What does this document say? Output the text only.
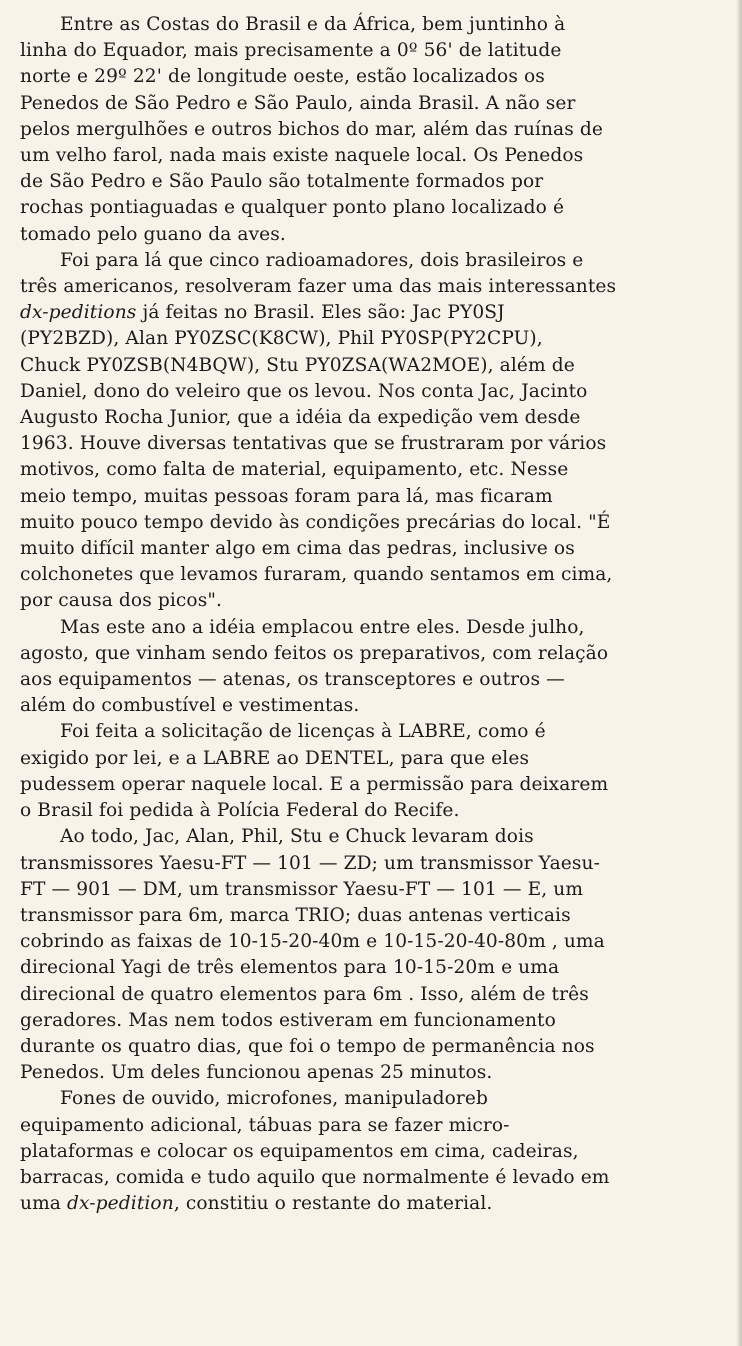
Entre as Costas do Brasil e da África, bem juntinho à
linha do Equador, mais precisamente a 0º 56' de latitude
norte e 29º 22' de longitude oeste, estão localizados os
Penedos de São Pedro e São Paulo, ainda Brasil. A não ser
pelos mergulhões e outros bichos do mar, além das ruínas de
um velho farol, nada mais existe naquele local. Os Penedos
de São Pedro e São Paulo são totalmente formados por
rochas pontiaguadas e qualquer ponto plano localizado é
tomado pelo guano da aves.

Foi para lá que cinco radioamadores, dois brasileiros e
três americanos, resolveram fazer uma das mais interessantes
dx-peditions já feitas no Brasil. Eles são: Jac PY0SJ
(PY2BZD), Alan PY0ZSC(K8CW), Phil PY0SP(PY2CPU),
Chuck PY0ZSB(N4BQW), Stu PY0ZSA(WA2MOE), além de
Daniel, dono do veleiro que os levou. Nos conta Jac, Jacinto
Augusto Rocha Junior, que a idéia da expedição vem desde
1963. Houve diversas tentativas que se frustraram por vários
motivos, como falta de material, equipamento, etc. Nesse
meio tempo, muitas pessoas foram para lá, mas ficaram
muito pouco tempo devido às condições precárias do local. "É
muito difícil manter algo em cima das pedras, inclusive os
colchonetes que levamos furaram, quando sentamos em cima,
por causa dos picos".

Mas este ano a idéia emplacou entre eles. Desde julho,
agosto, que vinham sendo feitos os preparativos, com relação
aos equipamentos — atenas, os transceptores e outros —
além do combustível e vestimentas.

Foi feita a solicitação de licenças à LABRE, como é
exigido por lei, e a LABRE ao DENTEL, para que eles
pudessem operar naquele local. E a permissão para deixarem
o Brasil foi pedida à Polícia Federal do Recife.

Ao todo, Jac, Alan, Phil, Stu e Chuck levaram dois
transmissores Yaesu-FT — 101 — ZD; um transmissor Yaesu-
FT — 901 — DM, um transmissor Yaesu-FT — 101 — E, um
transmissor para 6m, marca TRIO; duas antenas verticais
cobrindo as faixas de 10-15-20-40m e 10-15-20-40-80m , uma
direcional Yagi de três elementos para 10-15-20m e uma
direcional de quatro elementos para 6m . Isso, além de três
geradores. Mas nem todos estiveram em funcionamento
durante os quatro dias, que foi o tempo de permanência nos
Penedos. Um deles funcionou apenas 25 minutos.

Fones de ouvido, microfones, manipuladoreb
equipamento adicional, tábuas para se fazer micro-
plataformas e colocar os equipamentos em cima, cadeiras,
barracas, comida e tudo aquilo que normalmente é levado em
uma dx-pedition, constitiu o restante do material.
